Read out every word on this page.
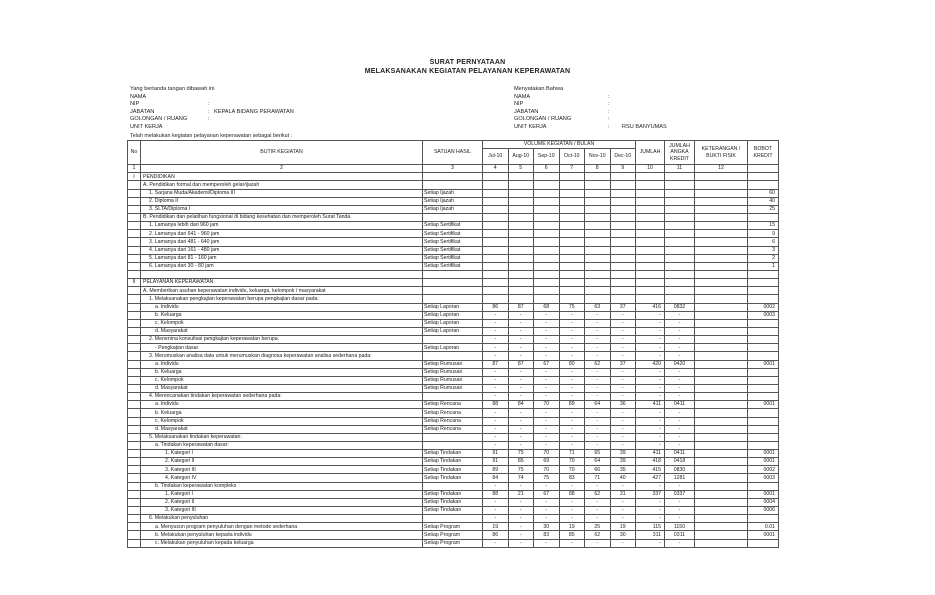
SURAT PERNYATAAN
MELAKSANAKAN KEGIATAN PELAYANAN KEPERAWATAN
Yang bertanda tangan dibawah ini
NAMA
NIP	:
JABATAN	: KEPALA BIDANG PERAWATAN
GOLONGAN / RUANG	:
UNIT KERJA
Menyatakan Bahwa
NAMA	:
NIP	:
JABATAN	:
GOLONGAN / RUANG	:
UNIT KERJA	:	RSU BANYUMAS
Telah melakukan kegiatan pelayanan keperawatan sebagai berikut :
No	BUTIR KEGIATAN	SATUAN HASIL	VOLUME KEGIATAN / BULAN						JUMLAH	JUMLAH ANGKA KREDIT	KETERANGAN / BUKTI FISIK	BOBOT KREDIT
			Jul-10	Aug-10	Sep-10	Oct-10	Nov-10	Dec-10				
1	2	3	4	5	6	7	8	9	10	11	12	
I	PENDIDIKAN											
	A. Pendidikan formal dan memperoleh gelar/ijazah											
	1. Sarjana Muda/Akademi/Diploma III	Setiap Ijazah										60
	2. Diploma II	Setiap Ijazah										40
	3. SLTA/Diploma I	Setiap Ijazah										25
	B. Pendidikan dan pelatihan fungsional di bidang kesehatan dan memperoleh Surat Tanda											
	1. Lamanya lebih dari 960 jam	Setiap Sertifikat										15
	2. Lamanya dari 641 - 960 jam	Setiap Sertifikat										9
	3. Lamanya dari 481 - 640 jam	Setiap Sertifikat										6
	4. Lamanya dari 161 - 480 jam	Setiap Sertifikat										3
	5. Lamanya dari 81 - 160 jam	Setiap Sertifikat										2
	6. Lamanya dari 30 - 80 jam	Setiap Sertifikat										1

II	PELAYANAN KEPERAWATAN											
	A. Memberikan asuhan keperawatan individu, keluarga, kelompok / masyarakat											
	1. Melaksanakan pengkajian keperawatan berupa pengkajian dasar pada:											
	a. Individu	Setiap Laporan	86	87	68	75	63	37	416	0832		0002
	b. Keluarga	Setiap Laporan	-	-	-	-	-	-	-	-		0003
	c. Kelompok	Setiap Laporan	-	-	-	-	-	-	-	-		
	d. Masyarakat	Setiap Laporan	-	-	-	-	-	-	-	-		
	2. Menerima konsultasi pengkajian keperawatan berupa:		-	-	-	-	-	-	-	-		
	- Pengkajian dasar	Setiap Laporan	-	-	-	-	-	-	-	-		
	3. Merumuskan analisa data untuk merumuskan diagnosa keperawatan analisa sederhana pada:		-	-	-	-	-	-	-	-		
	a. Individu	Setiap Rumusan	87	87	67	80	62	37	420	0420		0001
	b. Keluarga	Setiap Rumusan	-	-	-	-	-	-	-	-		
	c. Kelompok	Setiap Rumusan	-	-	-	-	-	-	-	-		
	d. Masyarakat	Setiap Rumusan	-	-	-	-	-	-	-	-		
	4. Merencanakan tindakan keperawatan sederhana pada:		-	-	-	-	-	-	-	-		
	a. Individu	Setiap Rencana	88	84	70	89	64	36	411	0411		0001
	b. Keluarga	Setiap Rencana	-	-	-	-	-	-	-	-		
	c. Kelompok	Setiap Rencana	-	-	-	-	-	-	-	-		
	d. Masyarakat	Setiap Rencana	-	-	-	-	-	-	-	-		
	5. Melaksanakan tindakan keperawatan:		-	-	-	-	-	-	-	-		
	a. Tindakan keperawatan dasar:		-	-	-	-	-	-	-	-		
	1. Kategori I	Setiap Tindakan	91	75	70	71	65	39	411	0411		0001
	2. Kategori II	Setiap Tindakan	91	85	69	70	64	39	418	0418		0001
	3. Kategori III	Setiap Tindakan	89	75	70	70	66	35	415	0830		0002
	4. Kategori IV	Setiap Tindakan	84	74	75	83	71	40	427	1281		0003
	b. Tindakan keperawatan kompleks		-	-	-	-	-	-	-	-		
	1. Kategori I	Setiap Tindakan	88	21	67	88	62	31	337	0337		0001
	2. Kategori II	Setiap Tindakan	-	-	-	-	-	-	-	-		0004
	3. Kategori III	Setiap Tindakan	-	-	-	-	-	-	-	-		0006
	6. Melakukan penyuluhan		-	-	-	-	-	-	-	-		
	a. Menyusun program penyuluhan dengan metode sederhana	Setiap Program	19	-	30	19	25	19	115	1150		0.01
	b. Melakukan penyuluhan kepada individu	Setiap Program	86	-	83	85	62	30	311	0311		0001
	c. Melakukan penyuluhan kepada keluarga	Setiap Program	-	-	-	-	-	-	-	-		
